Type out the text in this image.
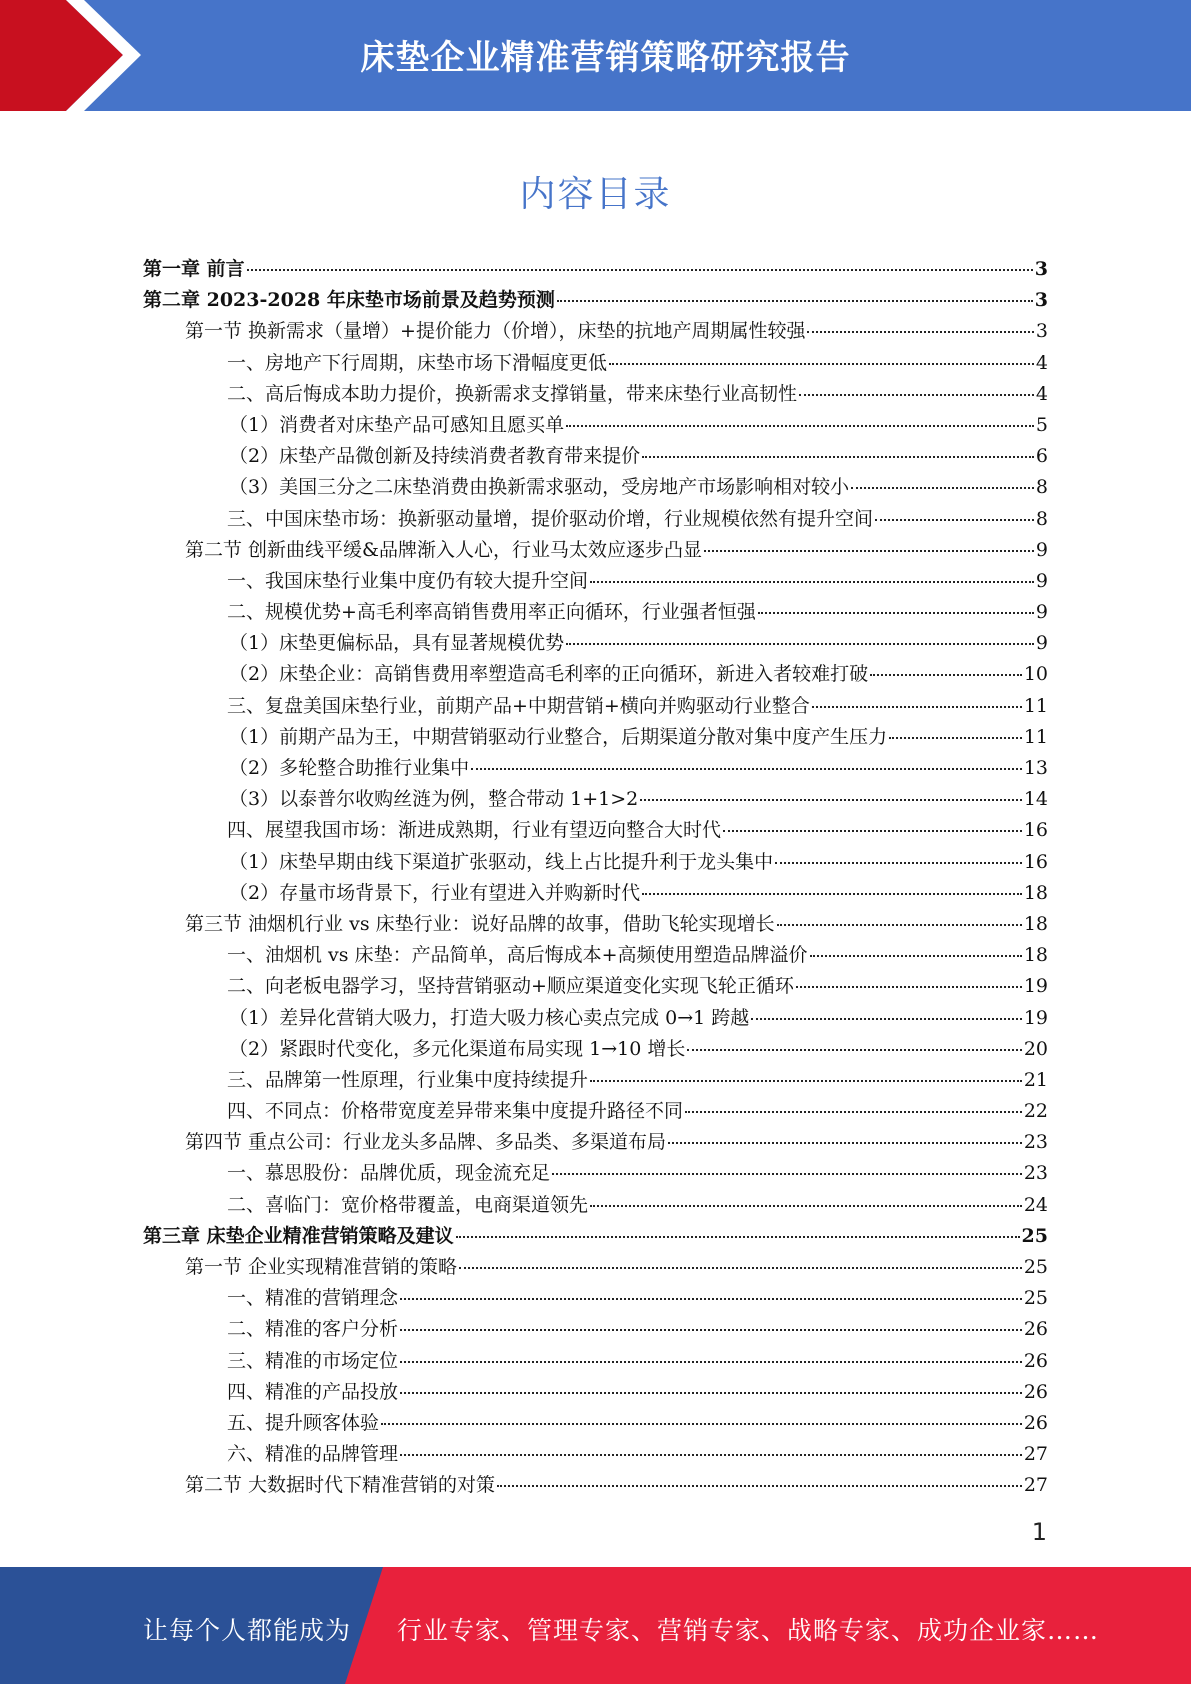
床垫企业精准营销策略研究报告
内容目录
第一章 前言	3
第二章 2023-2028 年床垫市场前景及趋势预测	3
第一节 换新需求（量增）+提价能力（价增），床垫的抗地产周期属性较强	3
一、房地产下行周期，床垫市场下滑幅度更低	4
二、高后悔成本助力提价，换新需求支撑销量，带来床垫行业高韧性	4
（1）消费者对床垫产品可感知且愿买单	5
（2）床垫产品微创新及持续消费者教育带来提价	6
（3）美国三分之二床垫消费由换新需求驱动，受房地产市场影响相对较小	8
三、中国床垫市场：换新驱动量增，提价驱动价增，行业规模依然有提升空间	8
第二节 创新曲线平缓&品牌渐入人心，行业马太效应逐步凸显	9
一、我国床垫行业集中度仍有较大提升空间	9
二、规模优势+高毛利率高销售费用率正向循环，行业强者恒强	9
（1）床垫更偏标品，具有显著规模优势	9
（2）床垫企业：高销售费用率塑造高毛利率的正向循环，新进入者较难打破	10
三、复盘美国床垫行业，前期产品+中期营销+横向并购驱动行业整合	11
（1）前期产品为王，中期营销驱动行业整合，后期渠道分散对集中度产生压力	11
（2）多轮整合助推行业集中	13
（3）以泰普尔收购丝涟为例，整合带动 1+1>2	14
四、展望我国市场：渐进成熟期，行业有望迈向整合大时代	16
（1）床垫早期由线下渠道扩张驱动，线上占比提升利于龙头集中	16
（2）存量市场背景下，行业有望进入并购新时代	18
第三节 油烟机行业 vs 床垫行业：说好品牌的故事，借助飞轮实现增长	18
一、油烟机 vs 床垫：产品简单，高后悔成本+高频使用塑造品牌溢价	18
二、向老板电器学习，坚持营销驱动+顺应渠道变化实现飞轮正循环	19
（1）差异化营销大吸力，打造大吸力核心卖点完成 0→1 跨越	19
（2）紧跟时代变化，多元化渠道布局实现 1→10 增长	20
三、品牌第一性原理，行业集中度持续提升	21
四、不同点：价格带宽度差异带来集中度提升路径不同	22
第四节 重点公司：行业龙头多品牌、多品类、多渠道布局	23
一、慕思股份：品牌优质，现金流充足	23
二、喜临门：宽价格带覆盖，电商渠道领先	24
第三章 床垫企业精准营销策略及建议	25
第一节 企业实现精准营销的策略	25
一、精准的营销理念	25
二、精准的客户分析	26
三、精准的市场定位	26
四、精准的产品投放	26
五、提升顾客体验	26
六、精准的品牌管理	27
第二节 大数据时代下精准营销的对策	27
1
让每个人都能成为 行业专家、管理专家、营销专家、战略专家、成功企业家……
